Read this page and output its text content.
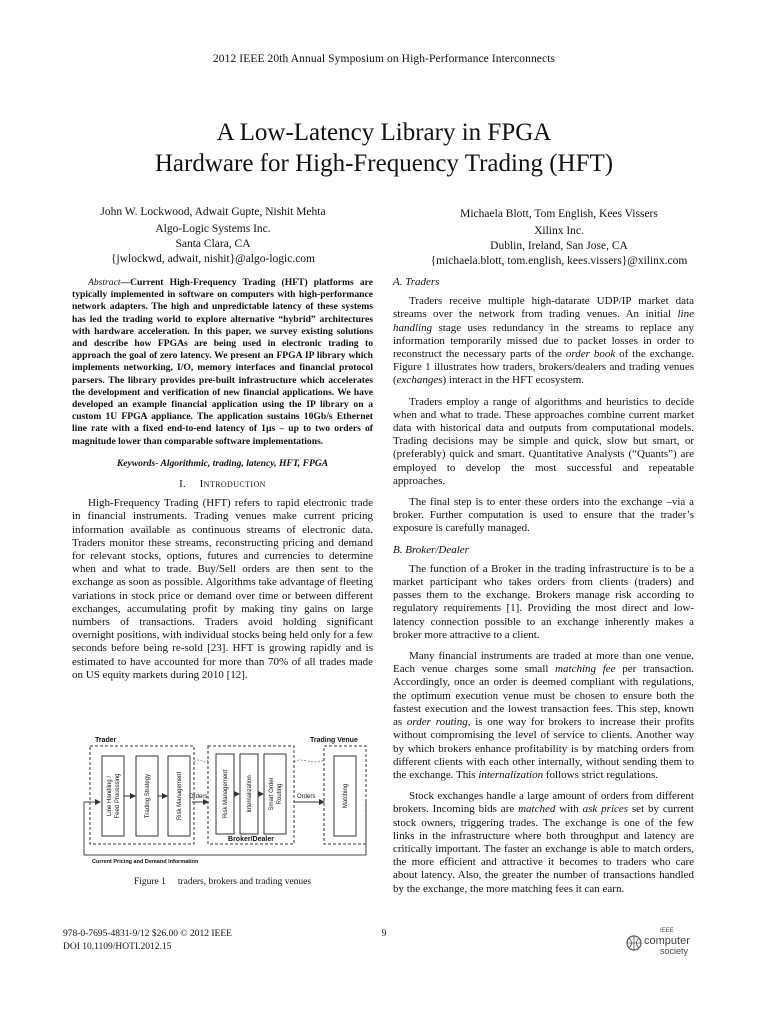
2012 IEEE 20th Annual Symposium on High-Performance Interconnects
A Low-Latency Library in FPGA
Hardware for High-Frequency Trading (HFT)
John W. Lockwood, Adwait Gupte, Nishit Mehta
Algo-Logic Systems Inc.
Santa Clara, CA
{jwlockwd, adwait, nishit}@algo-logic.com
Michaela Blott, Tom English, Kees Vissers
Xilinx Inc.
Dublin, Ireland, San Jose, CA
{michaela.blott, tom.english, kees.vissers}@xilinx.com

Abstract—Current High-Frequency Trading (HFT) platforms are typically implemented in software on computers with high-performance network adapters. The high and unpredictable latency of these systems has led the trading world to explore alternative “hybrid” architectures with hardware acceleration. In this paper, we survey existing solutions and describe how FPGAs are being used in electronic trading to approach the goal of zero latency. We present an FPGA IP library which implements networking, I/O, memory interfaces and financial protocol parsers. The library provides pre-built infrastructure which accelerates the development and verification of new financial applications. We have developed an example financial application using the IP library on a custom 1U FPGA appliance. The application sustains 10Gb/s Ethernet line rate with a fixed end-to-end latency of 1µs – up to two orders of magnitude lower than comparable software implementations.

Keywords- Algorithmic, trading, latency, HFT, FPGA
I. Introduction

High-Frequency Trading (HFT) refers to rapid electronic trade in financial instruments. Trading venues make current pricing information available as continuous streams of electronic data. Traders monitor these streams, reconstructing pricing and demand for relevant stocks, options, futures and currencies to determine when and what to trade. Buy/Sell orders are then sent to the exchange as soon as possible. Algorithms take advantage of fleeting variations in stock price or demand over time or between different exchanges, accumulating profit by making tiny gains on large numbers of transactions. Traders avoid holding significant overnight positions, with individual stocks being held only for a few seconds before being re-sold [23]. HFT is growing rapidly and is estimated to have accounted for more than 70% of all trades made on US equity markets during 2010 [12].

Trader
Line Handling / Feed Processing	Trading Strategy	Risk Management Orders	Risk Management	Internalization	Smart Order Routing
Broker/Dealer
Orders
Trading Venue
Matching
Current Pricing and Demand Information
Figure 1 traders, brokers and trading venues
A. Traders

Traders receive multiple high-datarate UDP/IP market data streams over the network from trading venues. An initial line handling stage uses redundancy in the streams to replace any information temporarily missed due to packet losses in order to reconstruct the necessary parts of the order book of the exchange. Figure 1 illustrates how traders, brokers/dealers and trading venues (exchanges) interact in the HFT ecosystem.

Traders employ a range of algorithms and heuristics to decide when and what to trade. These approaches combine current market data with historical data and outputs from computational models. Trading decisions may be simple and quick, slow but smart, or (preferably) quick and smart. Quantitative Analysts (“Quants”) are employed to develop the most successful and repeatable approaches.

The final step is to enter these orders into the exchange –via a broker. Further computation is used to ensure that the trader’s exposure is carefully managed.

B. Broker/Dealer

The function of a Broker in the trading infrastructure is to be a market participant who takes orders from clients (traders) and passes them to the exchange. Brokers manage risk according to regulatory requirements [1]. Providing the most direct and low-latency connection possible to an exchange inherently makes a broker more attractive to a client.

Many financial instruments are traded at more than one venue. Each venue charges some small matching fee per transaction. Accordingly, once an order is deemed compliant with regulations, the optimum execution venue must be chosen to ensure both the fastest execution and the lowest transaction fees. This step, known as order routing, is one way for brokers to increase their profits without compromising the level of service to clients. Another way by which brokers enhance profitability is by matching orders from different clients with each other internally, without sending them to the exchange. This internalization follows strict regulations.

Stock exchanges handle a large amount of orders from different brokers. Incoming bids are matched with ask prices set by current stock owners, triggering trades. The exchange is one of the few links in the infrastructure where both throughput and latency are critically important. The faster an exchange is able to match orders, the more efficient and attractive it becomes to traders who care about latency. Also, the greater the number of transactions handled by the exchange, the more matching fees it can earn.

978-0-7695-4831-9/12 $26.00 © 2012 IEEE
DOI 10.1109/HOTI.2012.15
9	IEEE
computer
society
